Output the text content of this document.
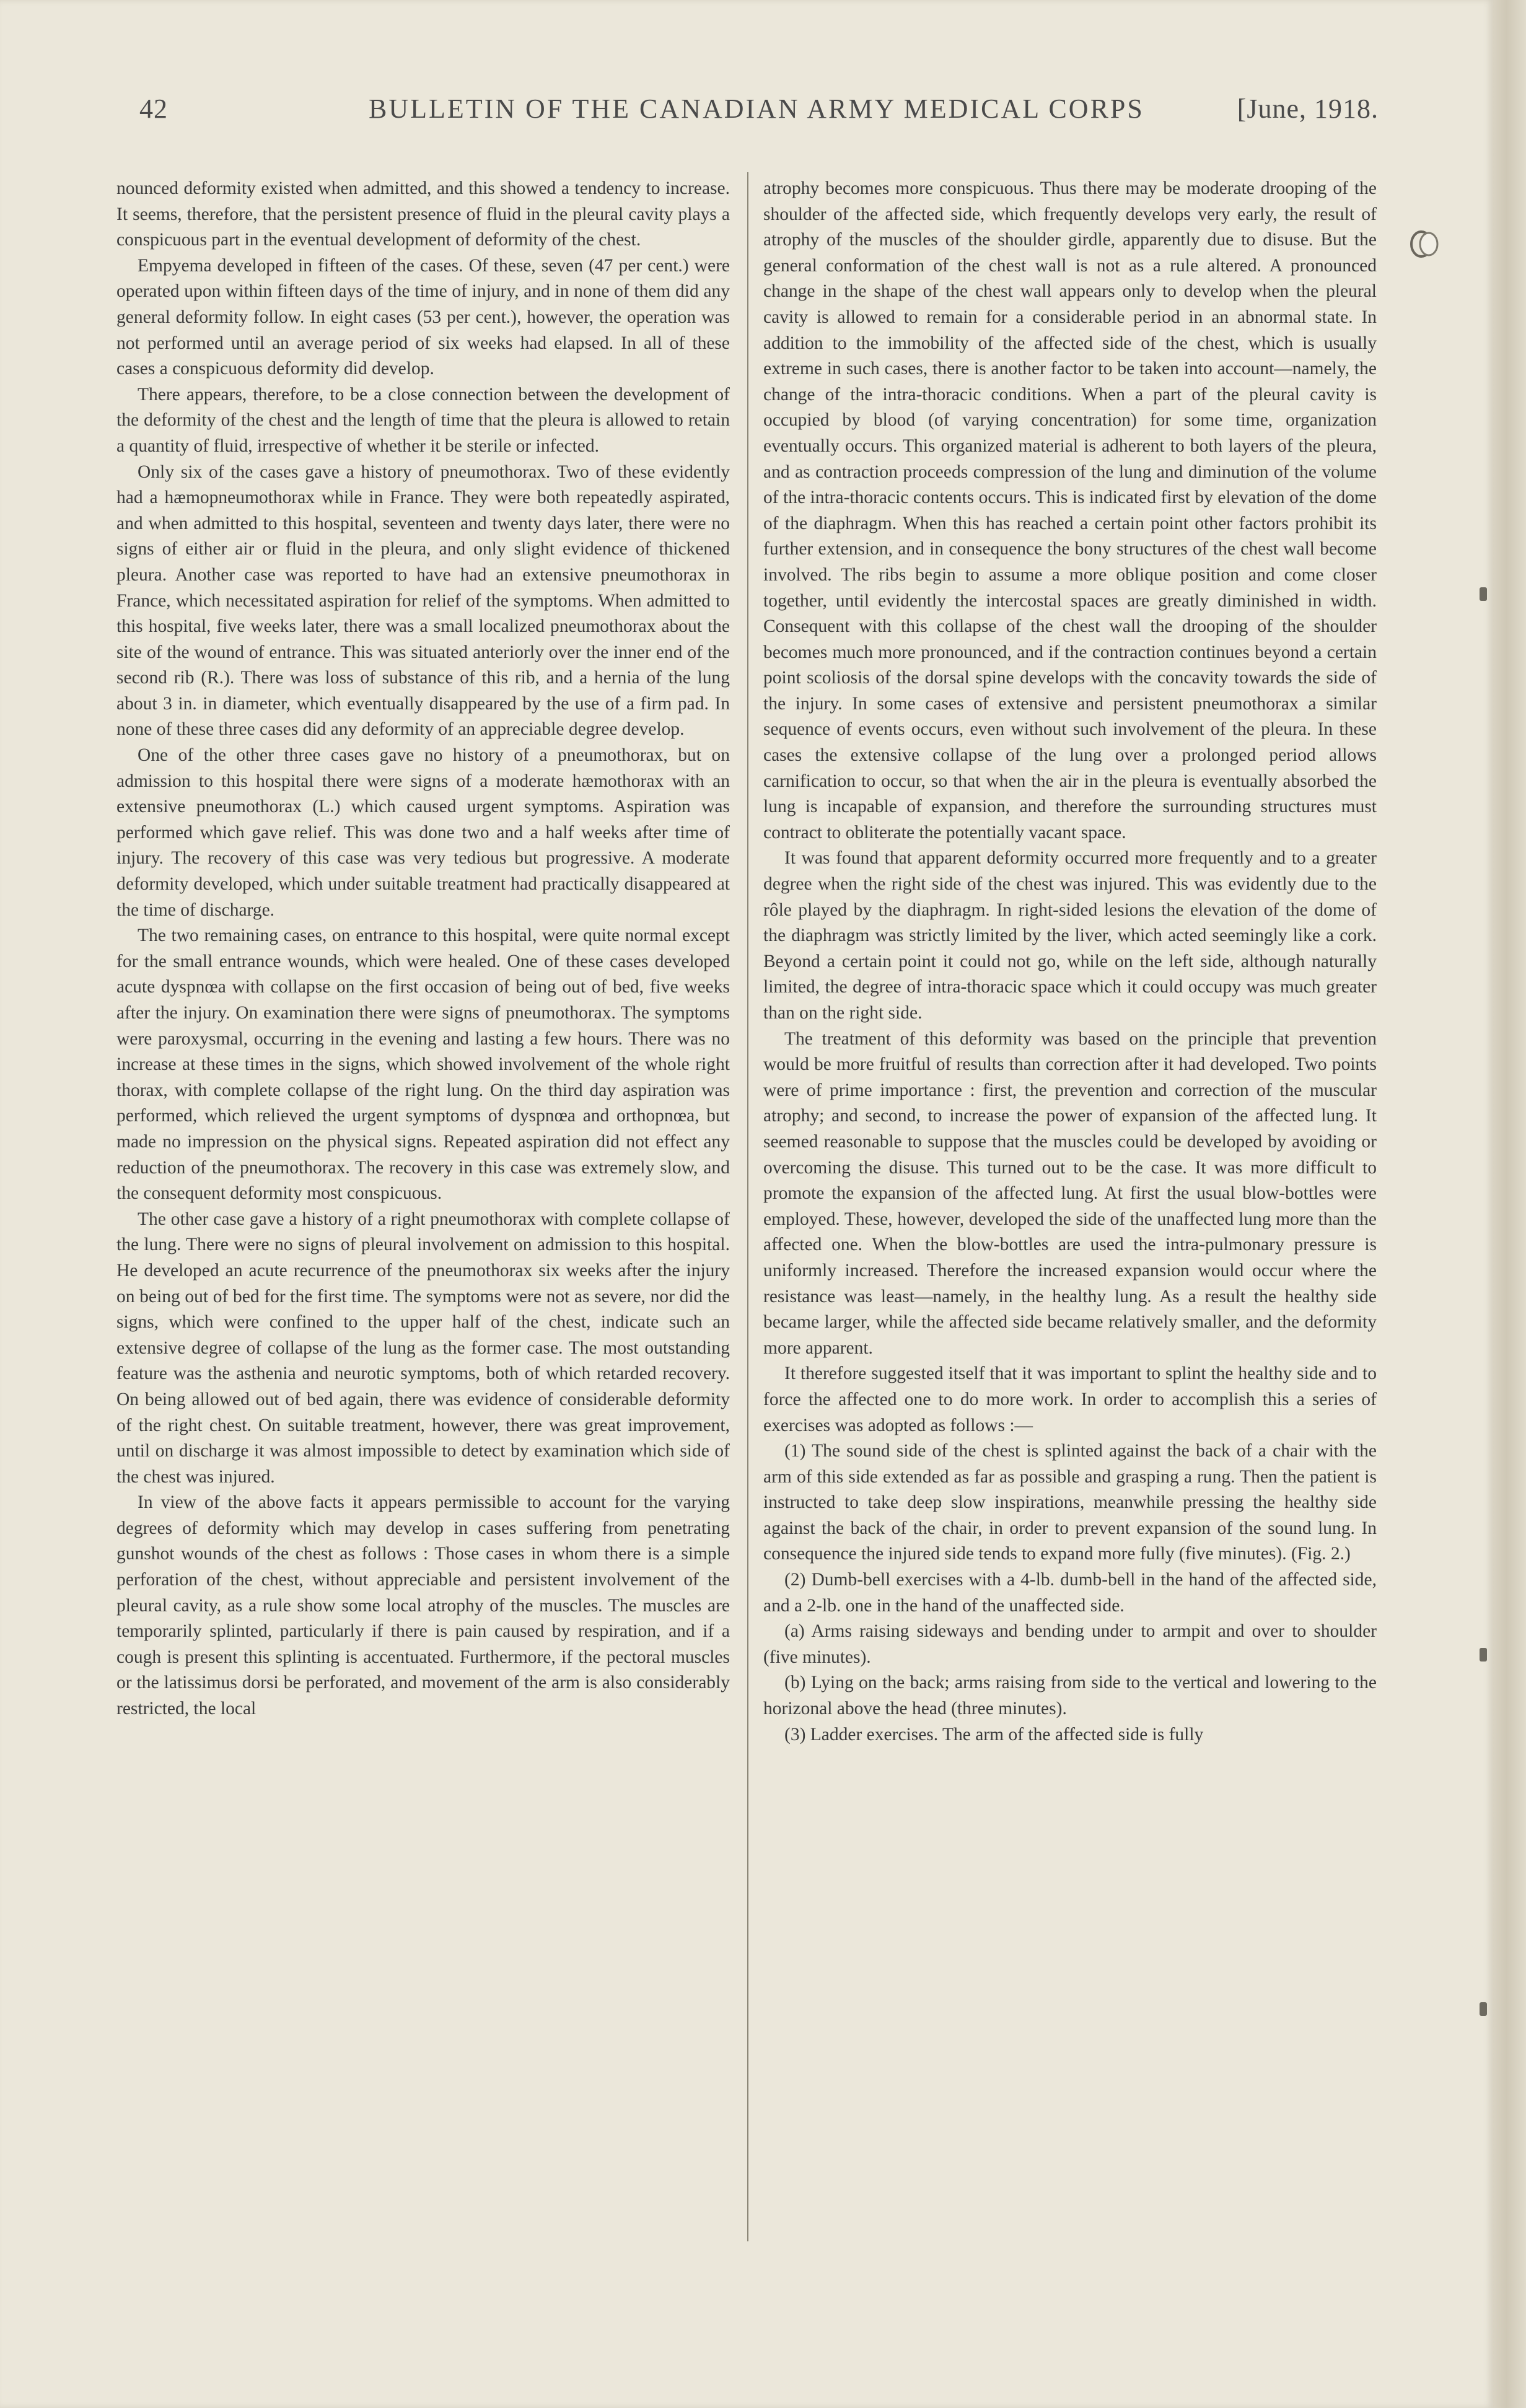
42	BULLETIN OF THE CANADIAN ARMY MEDICAL CORPS	[June, 1918.

nounced deformity existed when admitted, and this showed a tendency to increase. It seems, therefore, that the persistent presence of fluid in the pleural cavity plays a conspicuous part in the eventual development of deformity of the chest.

Empyema developed in fifteen of the cases. Of these, seven (47 per cent.) were operated upon within fifteen days of the time of injury, and in none of them did any general deformity follow. In eight cases (53 per cent.), however, the operation was not performed until an average period of six weeks had elapsed. In all of these cases a conspicuous deformity did develop.

There appears, therefore, to be a close connection between the development of the deformity of the chest and the length of time that the pleura is allowed to retain a quantity of fluid, irrespective of whether it be sterile or infected.

Only six of the cases gave a history of pneumothorax. Two of these evidently had a hæmopneumothorax while in France. They were both repeatedly aspirated, and when admitted to this hospital, seventeen and twenty days later, there were no signs of either air or fluid in the pleura, and only slight evidence of thickened pleura. Another case was reported to have had an extensive pneumothorax in France, which necessitated aspiration for relief of the symptoms. When admitted to this hospital, five weeks later, there was a small localized pneumothorax about the site of the wound of entrance. This was situated anteriorly over the inner end of the second rib (R.). There was loss of substance of this rib, and a hernia of the lung about 3 in. in diameter, which eventually disappeared by the use of a firm pad. In none of these three cases did any deformity of an appreciable degree develop.

One of the other three cases gave no history of a pneumothorax, but on admission to this hospital there were signs of a moderate hæmothorax with an extensive pneumothorax (L.) which caused urgent symptoms. Aspiration was performed which gave relief. This was done two and a half weeks after time of injury. The recovery of this case was very tedious but progressive. A moderate deformity developed, which under suitable treatment had practically disappeared at the time of discharge.

The two remaining cases, on entrance to this hospital, were quite normal except for the small entrance wounds, which were healed. One of these cases developed acute dyspnœa with collapse on the first occasion of being out of bed, five weeks after the injury. On examination there were signs of pneumothorax. The symptoms were paroxysmal, occurring in the evening and lasting a few hours. There was no increase at these times in the signs, which showed involvement of the whole right thorax, with complete collapse of the right lung. On the third day aspiration was performed, which relieved the urgent symptoms of dyspnœa and orthopnœa, but made no impression on the physical signs. Repeated aspiration did not effect any reduction of the pneumothorax. The recovery in this case was extremely slow, and the consequent deformity most conspicuous.

The other case gave a history of a right pneumothorax with complete collapse of the lung. There were no signs of pleural involvement on admission to this hospital. He developed an acute recurrence of the pneumothorax six weeks after the injury on being out of bed for the first time. The symptoms were not as severe, nor did the signs, which were confined to the upper half of the chest, indicate such an extensive degree of collapse of the lung as the former case. The most outstanding feature was the asthenia and neurotic symptoms, both of which retarded recovery. On being allowed out of bed again, there was evidence of considerable deformity of the right chest. On suitable treatment, however, there was great improvement, until on discharge it was almost impossible to detect by examination which side of the chest was injured.

In view of the above facts it appears permissible to account for the varying degrees of deformity which may develop in cases suffering from penetrating gunshot wounds of the chest as follows : Those cases in whom there is a simple perforation of the chest, without appreciable and persistent involvement of the pleural cavity, as a rule show some local atrophy of the muscles. The muscles are temporarily splinted, particularly if there is pain caused by respiration, and if a cough is present this splinting is accentuated. Furthermore, if the pectoral muscles or the latissimus dorsi be perforated, and movement of the arm is also considerably restricted, the local

atrophy becomes more conspicuous. Thus there may be moderate drooping of the shoulder of the affected side, which frequently develops very early, the result of atrophy of the muscles of the shoulder girdle, apparently due to disuse. But the general conformation of the chest wall is not as a rule altered. A pronounced change in the shape of the chest wall appears only to develop when the pleural cavity is allowed to remain for a considerable period in an abnormal state. In addition to the immobility of the affected side of the chest, which is usually extreme in such cases, there is another factor to be taken into account—namely, the change of the intra-thoracic conditions. When a part of the pleural cavity is occupied by blood (of varying concentration) for some time, organization eventually occurs. This organized material is adherent to both layers of the pleura, and as contraction proceeds compression of the lung and diminution of the volume of the intra-thoracic contents occurs. This is indicated first by elevation of the dome of the diaphragm. When this has reached a certain point other factors prohibit its further extension, and in consequence the bony structures of the chest wall become involved. The ribs begin to assume a more oblique position and come closer together, until evidently the intercostal spaces are greatly diminished in width. Consequent with this collapse of the chest wall the drooping of the shoulder becomes much more pronounced, and if the contraction continues beyond a certain point scoliosis of the dorsal spine develops with the concavity towards the side of the injury. In some cases of extensive and persistent pneumothorax a similar sequence of events occurs, even without such involvement of the pleura. In these cases the extensive collapse of the lung over a prolonged period allows carnification to occur, so that when the air in the pleura is eventually absorbed the lung is incapable of expansion, and therefore the surrounding structures must contract to obliterate the potentially vacant space.

It was found that apparent deformity occurred more frequently and to a greater degree when the right side of the chest was injured. This was evidently due to the rôle played by the diaphragm. In right-sided lesions the elevation of the dome of the diaphragm was strictly limited by the liver, which acted seemingly like a cork. Beyond a certain point it could not go, while on the left side, although naturally limited, the degree of intra-thoracic space which it could occupy was much greater than on the right side.

The treatment of this deformity was based on the principle that prevention would be more fruitful of results than correction after it had developed. Two points were of prime importance : first, the prevention and correction of the muscular atrophy; and second, to increase the power of expansion of the affected lung. It seemed reasonable to suppose that the muscles could be developed by avoiding or overcoming the disuse. This turned out to be the case. It was more difficult to promote the expansion of the affected lung. At first the usual blow-bottles were employed. These, however, developed the side of the unaffected lung more than the affected one. When the blow-bottles are used the intra-pulmonary pressure is uniformly increased. Therefore the increased expansion would occur where the resistance was least—namely, in the healthy lung. As a result the healthy side became larger, while the affected side became relatively smaller, and the deformity more apparent.

It therefore suggested itself that it was important to splint the healthy side and to force the affected one to do more work. In order to accomplish this a series of exercises was adopted as follows :—

(1) The sound side of the chest is splinted against the back of a chair with the arm of this side extended as far as possible and grasping a rung. Then the patient is instructed to take deep slow inspirations, meanwhile pressing the healthy side against the back of the chair, in order to prevent expansion of the sound lung. In consequence the injured side tends to expand more fully (five minutes). (Fig. 2.)

(2) Dumb-bell exercises with a 4-lb. dumb-bell in the hand of the affected side, and a 2-lb. one in the hand of the unaffected side.

(a) Arms raising sideways and bending under to armpit and over to shoulder (five minutes).

(b) Lying on the back; arms raising from side to the vertical and lowering to the horizonal above the head (three minutes).

(3) Ladder exercises. The arm of the affected side is fully
